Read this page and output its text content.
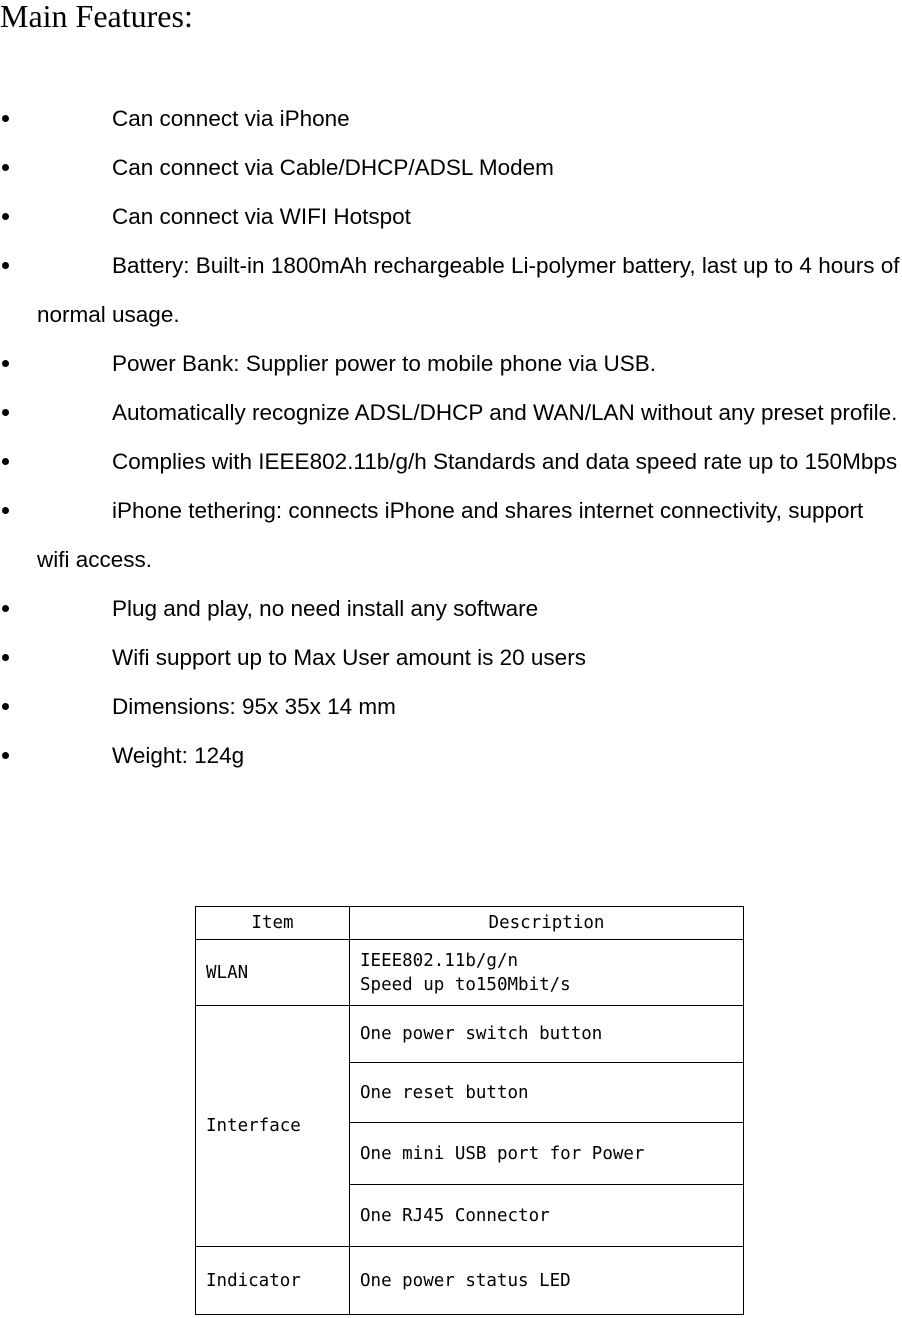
Main Features:
Can connect via iPhone
Can connect via Cable/DHCP/ADSL Modem
Can connect via WIFI Hotspot
Battery: Built-in 1800mAh rechargeable Li-polymer battery, last up to 4 hours of normal usage.
Power Bank: Supplier power to mobile phone via USB.
Automatically recognize ADSL/DHCP and WAN/LAN without any preset profile.
Complies with IEEE802.11b/g/h Standards and data speed rate up to 150Mbps
iPhone tethering: connects iPhone and shares internet connectivity, support wifi access.
Plug and play, no need install any software
Wifi support up to Max User amount is 20 users
Dimensions: 95x 35x 14 mm
Weight: 124g
Item	Description
WLAN	IEEE802.11b/g/n
Speed up to150Mbit/s

Interface	One power switch button
	One reset button
	One mini USB port for Power
	One RJ45 Connector
Indicator	One power status LED
